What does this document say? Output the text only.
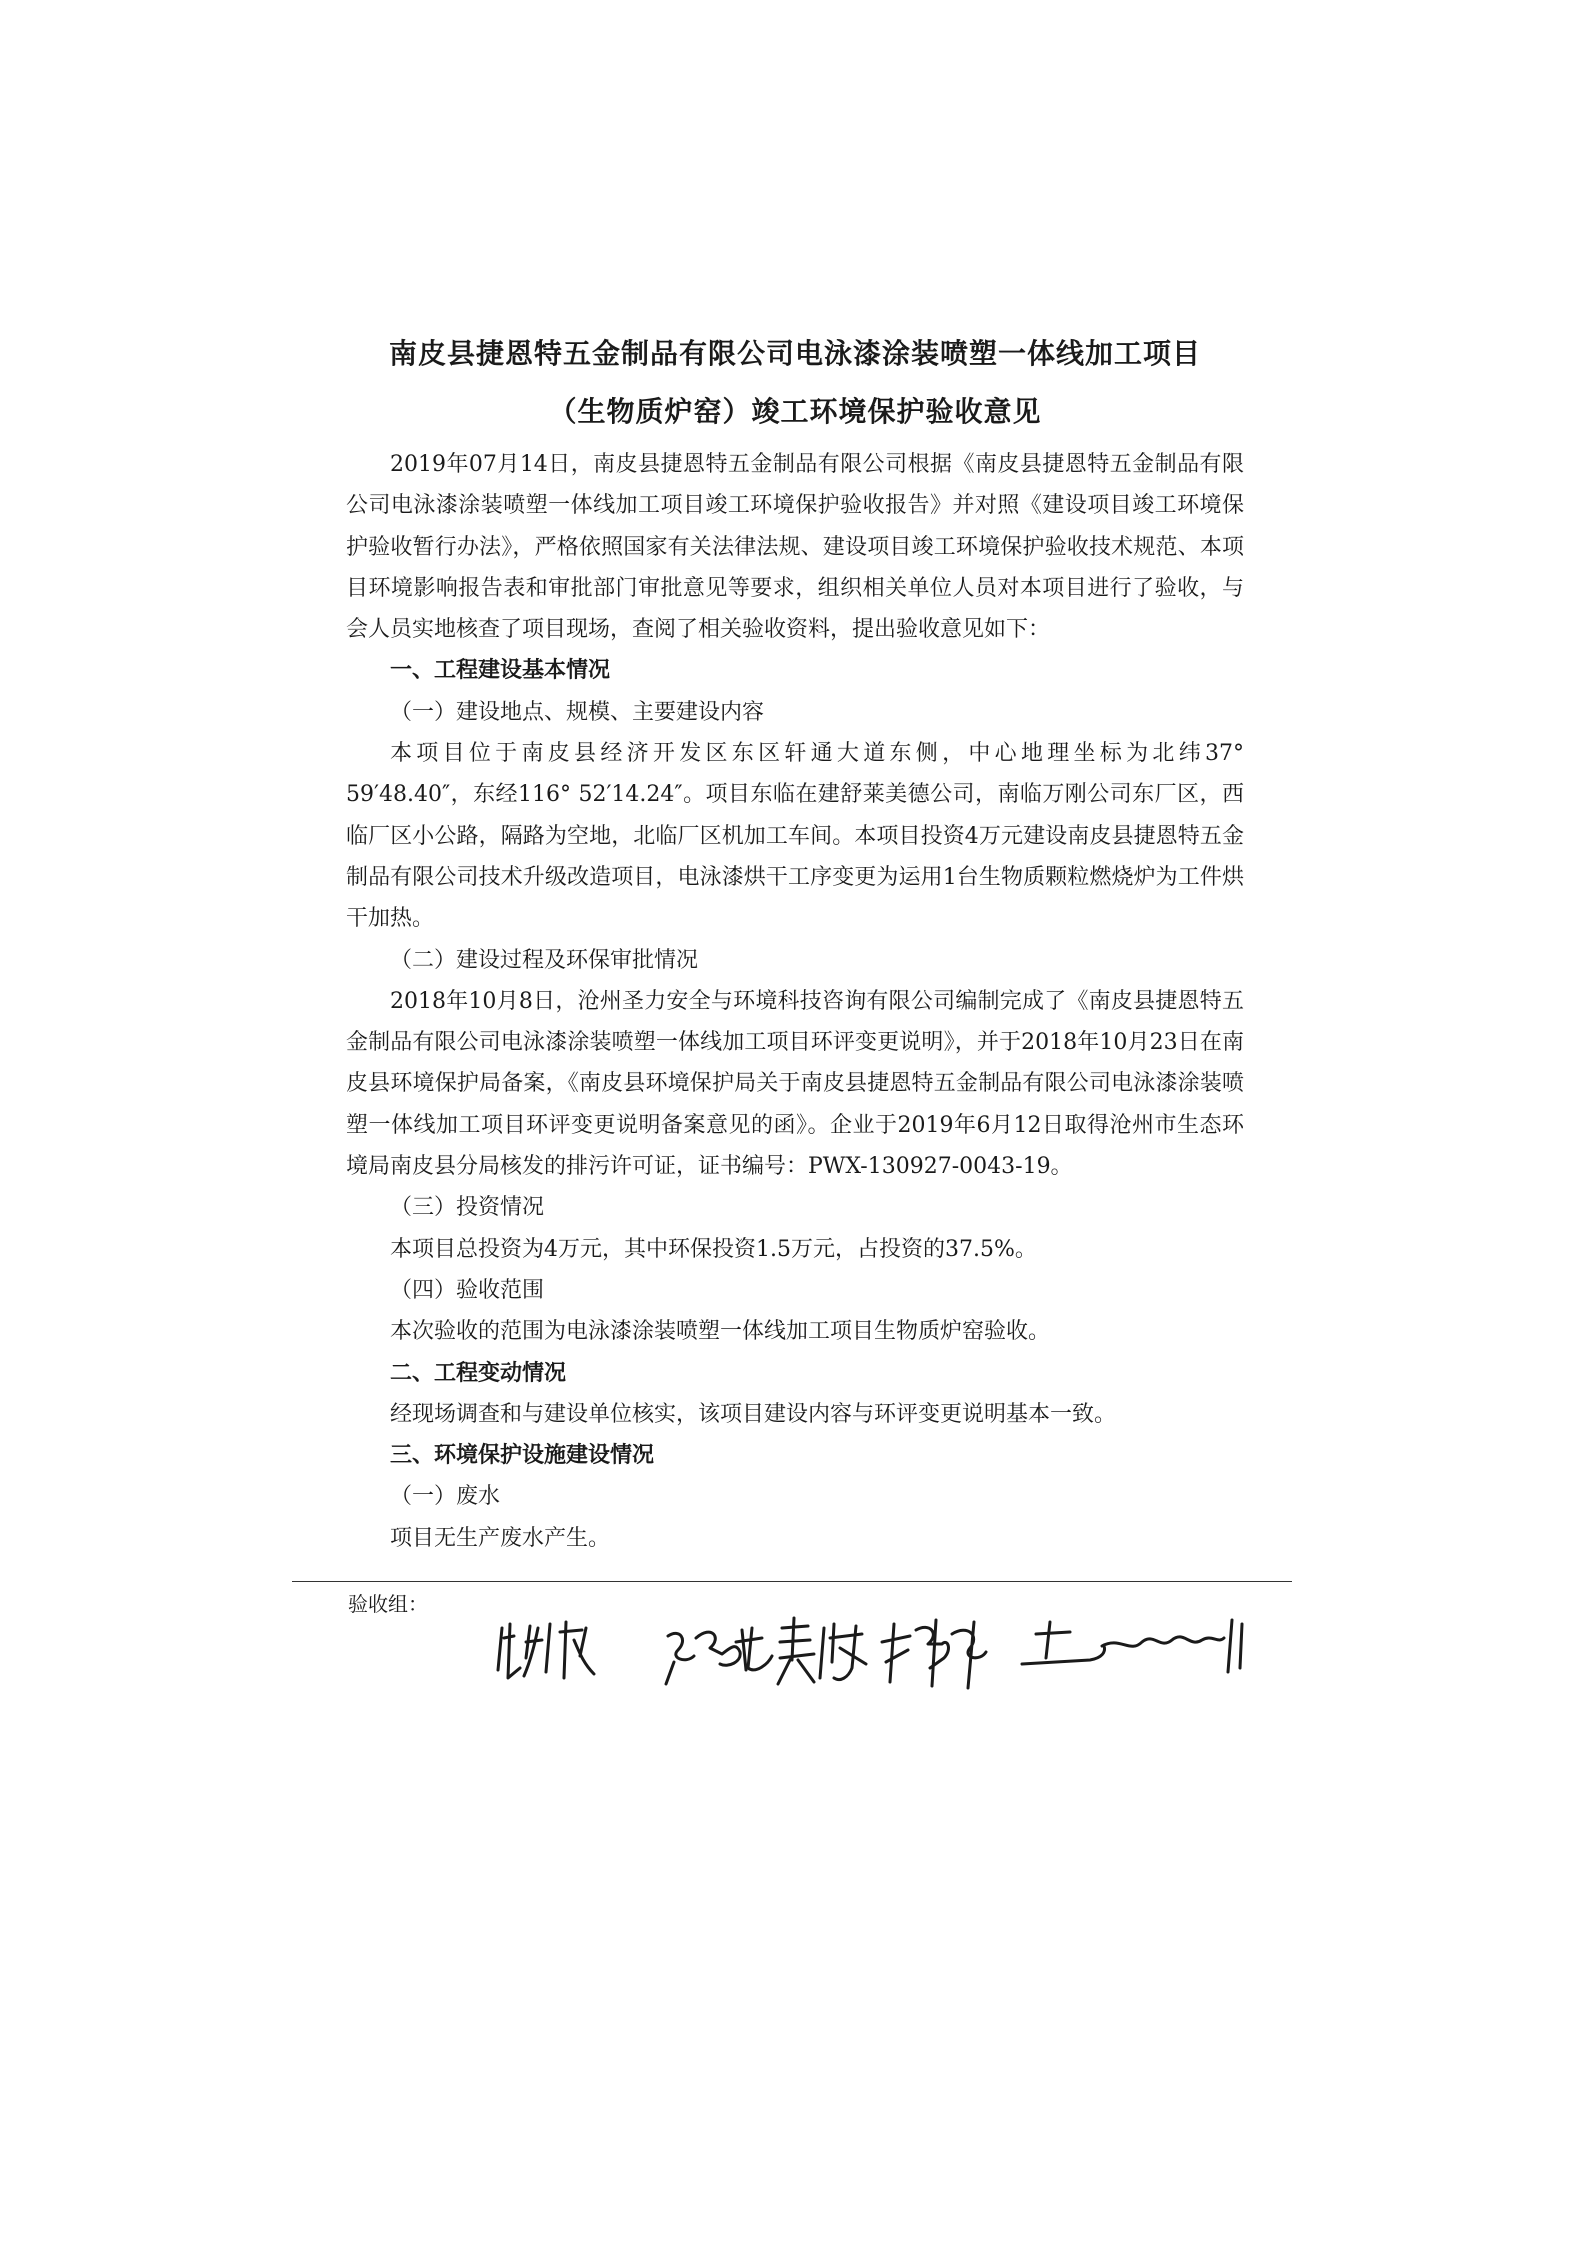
南皮县捷恩特五金制品有限公司电泳漆涂装喷塑一体线加工项目
（生物质炉窑）竣工环境保护验收意见

2019年07月14日，南皮县捷恩特五金制品有限公司根据《南皮县捷恩特五金制品有限公司电泳漆涂装喷塑一体线加工项目竣工环境保护验收报告》并对照《建设项目竣工环境保护验收暂行办法》，严格依照国家有关法律法规、建设项目竣工环境保护验收技术规范、本项目环境影响报告表和审批部门审批意见等要求，组织相关单位人员对本项目进行了验收，与会人员实地核查了项目现场，查阅了相关验收资料，提出验收意见如下：

一、工程建设基本情况

（一）建设地点、规模、主要建设内容

本项目位于南皮县经济开发区东区轩通大道东侧，中心地理坐标为北纬37° 59′48.40″，东经116° 52′14.24″。项目东临在建舒莱美德公司，南临万刚公司东厂区，西临厂区小公路，隔路为空地，北临厂区机加工车间。本项目投资4万元建设南皮县捷恩特五金制品有限公司技术升级改造项目，电泳漆烘干工序变更为运用1台生物质颗粒燃烧炉为工件烘干加热。

（二）建设过程及环保审批情况

2018年10月8日，沧州圣力安全与环境科技咨询有限公司编制完成了《南皮县捷恩特五金制品有限公司电泳漆涂装喷塑一体线加工项目环评变更说明》，并于2018年10月23日在南皮县环境保护局备案，《南皮县环境保护局关于南皮县捷恩特五金制品有限公司电泳漆涂装喷塑一体线加工项目环评变更说明备案意见的函》。企业于2019年6月12日取得沧州市生态环境局南皮县分局核发的排污许可证，证书编号：PWX-130927-0043-19。

（三）投资情况

本项目总投资为4万元，其中环保投资1.5万元，占投资的37.5%。

（四）验收范围

本次验收的范围为电泳漆涂装喷塑一体线加工项目生物质炉窑验收。

二、工程变动情况

经现场调查和与建设单位核实，该项目建设内容与环评变更说明基本一致。

三、环境保护设施建设情况

（一）废水

项目无生产废水产生。

验收组：
